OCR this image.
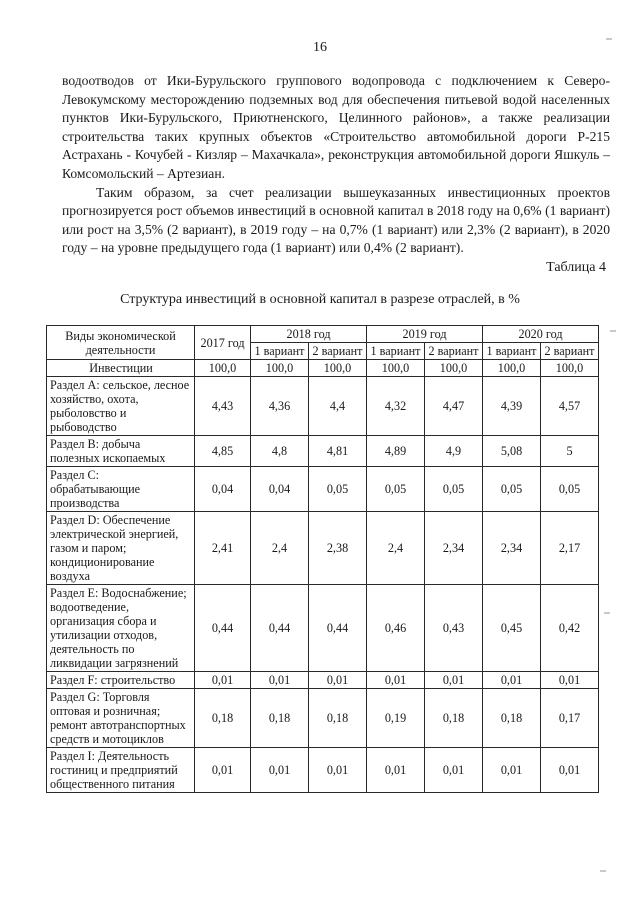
16

водоотводов от Ики-Бурульского группового водопровода с подключением к Северо-Левокумскому месторождению подземных вод для обеспечения питьевой водой населенных пунктов Ики-Бурульского, Приютненского, Целинного районов», а также реализации строительства таких крупных объектов «Строительство автомобильной дороги Р-215 Астрахань - Кочубей - Кизляр – Махачкала», реконструкция автомобильной дороги Яшкуль – Комсомольский – Артезиан.

Таким образом, за счет реализации вышеуказанных инвестиционных проектов прогнозируется рост объемов инвестиций в основной капитал в 2018 году на 0,6% (1 вариант) или рост на 3,5% (2 вариант), в 2019 году – на 0,7% (1 вариант) или 2,3% (2 вариант), в 2020 году – на уровне предыдущего года (1 вариант) или 0,4% (2 вариант).

Таблица 4
Структура инвестиций в основной капитал в разрезе отраслей, в %
Виды экономической деятельности	2017 год	2018 год		2019 год		2020 год	
		1 вариант	2 вариант	1 вариант	2 вариант	1 вариант	2 вариант
Инвестиции	100,0	100,0	100,0	100,0	100,0	100,0	100,0
Раздел А: сельское, лесное хозяйство, охота, рыболовство и рыбоводство	4,43	4,36	4,4	4,32	4,47	4,39	4,57
Раздел В: добыча полезных ископаемых	4,85	4,8	4,81	4,89	4,9	5,08	5
Раздел С: обрабатывающие производства	0,04	0,04	0,05	0,05	0,05	0,05	0,05
Раздел D: Обеспечение электрической энергией, газом и паром; кондиционирование воздуха	2,41	2,4	2,38	2,4	2,34	2,34	2,17
Раздел Е: Водоснабжение; водоотведение, организация сбора и утилизации отходов, деятельность по ликвидации загрязнений	0,44	0,44	0,44	0,46	0,43	0,45	0,42
Раздел F: строительство	0,01	0,01	0,01	0,01	0,01	0,01	0,01
Раздел G: Торговля оптовая и розничная; ремонт автотранспортных средств и мотоциклов	0,18	0,18	0,18	0,19	0,18	0,18	0,17
Раздел I: Деятельность гостиниц и предприятий общественного питания	0,01	0,01	0,01	0,01	0,01	0,01	0,01
